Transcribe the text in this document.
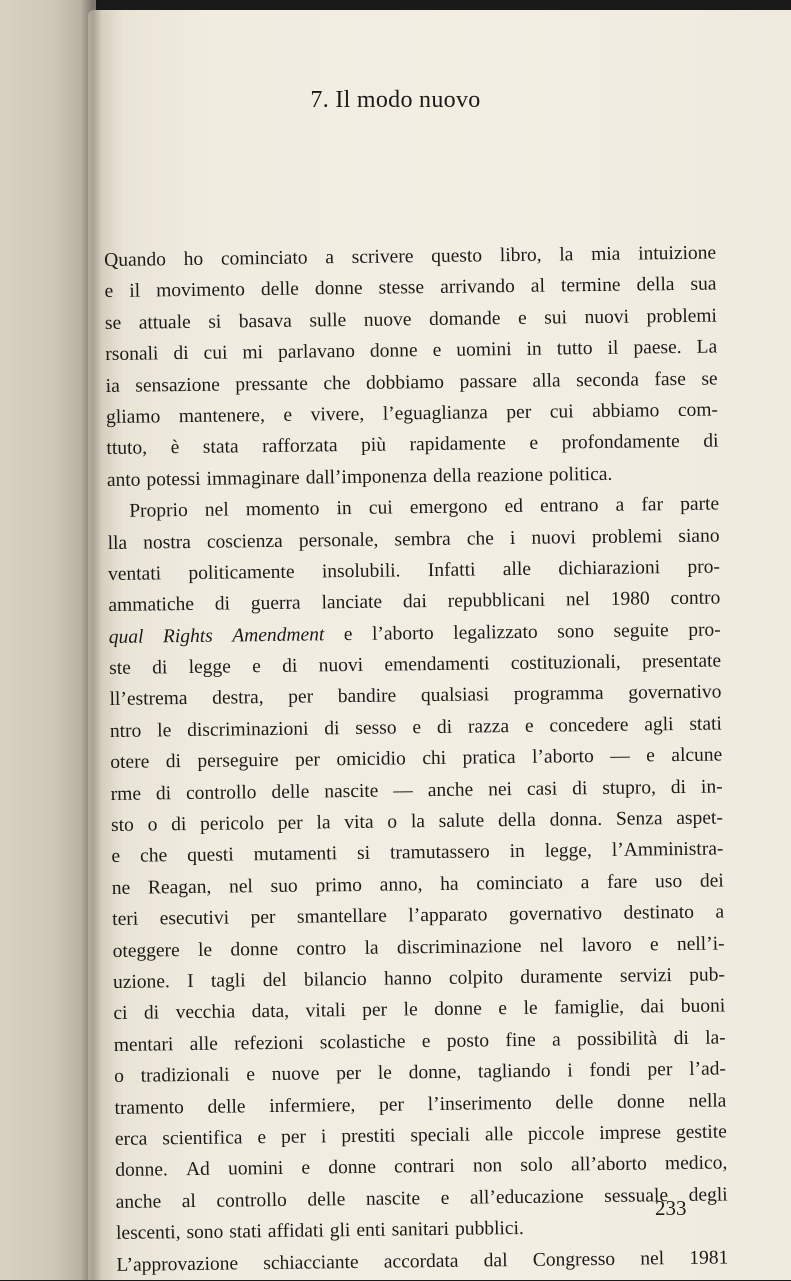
7. Il modo nuovo
Quando ho cominciato a scrivere questo libro, la mia intuizione
e il movimento delle donne stesse arrivando al termine della sua
se attuale si basava sulle nuove domande e sui nuovi problemi
rsonali di cui mi parlavano donne e uomini in tutto il paese. La
ia sensazione pressante che dobbiamo passare alla seconda fase se
gliamo mantenere, e vivere, l’eguaglianza per cui abbiamo com-
ttuto, è stata rafforzata più rapidamente e profondamente di
anto potessi immaginare dall’imponenza della reazione politica.
Proprio nel momento in cui emergono ed entrano a far parte
lla nostra coscienza personale, sembra che i nuovi problemi siano
ventati politicamente insolubili. Infatti alle dichiarazioni pro-
ammatiche di guerra lanciate dai repubblicani nel 1980 contro
qual Rights Amendment e l’aborto legalizzato sono seguite pro-
ste di legge e di nuovi emendamenti costituzionali, presentate
ll’estrema destra, per bandire qualsiasi programma governativo
ntro le discriminazioni di sesso e di razza e concedere agli stati
otere di perseguire per omicidio chi pratica l’aborto — e alcune
rme di controllo delle nascite — anche nei casi di stupro, di in-
sto o di pericolo per la vita o la salute della donna. Senza aspet-
e che questi mutamenti si tramutassero in legge, l’Amministra-
ne Reagan, nel suo primo anno, ha cominciato a fare uso dei
teri esecutivi per smantellare l’apparato governativo destinato a
oteggere le donne contro la discriminazione nel lavoro e nell’i-
uzione. I tagli del bilancio hanno colpito duramente servizi pub-
ci di vecchia data, vitali per le donne e le famiglie, dai buoni
mentari alle refezioni scolastiche e posto fine a possibilità di la-
o tradizionali e nuove per le donne, tagliando i fondi per l’ad-
tramento delle infermiere, per l’inserimento delle donne nella
erca scientifica e per i prestiti speciali alle piccole imprese gestite
donne. Ad uomini e donne contrari non solo all’aborto medico,
anche al controllo delle nascite e all’educazione sessuale degli
lescenti, sono stati affidati gli enti sanitari pubblici.
L’approvazione schiacciante accordata dal Congresso nel 1981
233
